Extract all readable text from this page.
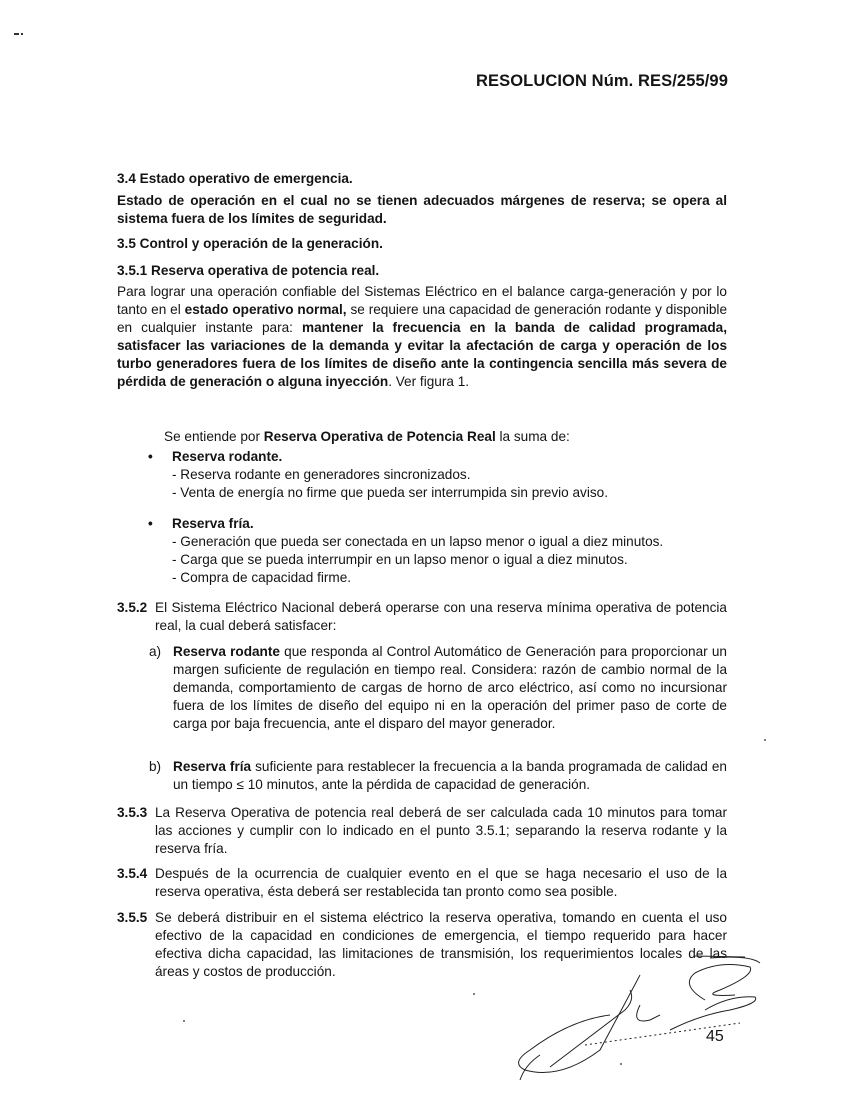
RESOLUCION Núm. RES/255/99
3.4 Estado operativo de emergencia.
Estado de operación en el cual no se tienen adecuados márgenes de reserva; se opera al sistema fuera de los límites de seguridad.
3.5 Control y operación de la generación.
3.5.1 Reserva operativa de potencia real.
Para lograr una operación confiable del Sistemas Eléctrico en el balance carga-generación y por lo tanto en el estado operativo normal, se requiere una capacidad de generación rodante y disponible en cualquier instante para: mantener la frecuencia en la banda de calidad programada, satisfacer las variaciones de la demanda y evitar la afectación de carga y operación de los turbo generadores fuera de los límites de diseño ante la contingencia sencilla más severa de pérdida de generación o alguna inyección. Ver figura 1.
Se entiende por Reserva Operativa de Potencia Real la suma de:
•	Reserva rodante.
- Reserva rodante en generadores sincronizados.
- Venta de energía no firme que pueda ser interrumpida sin previo aviso.
•	Reserva fría.
- Generación que pueda ser conectada en un lapso menor o igual a diez minutos.
- Carga que se pueda interrumpir en un lapso menor o igual a diez minutos.
- Compra de capacidad firme.
3.5.2 El Sistema Eléctrico Nacional deberá operarse con una reserva mínima operativa de potencia real, la cual deberá satisfacer:
a) Reserva rodante que responda al Control Automático de Generación para proporcionar un margen suficiente de regulación en tiempo real. Considera: razón de cambio normal de la demanda, comportamiento de cargas de horno de arco eléctrico, así como no incursionar fuera de los límites de diseño del equipo ni en la operación del primer paso de corte de carga por baja frecuencia, ante el disparo del mayor generador.
b) Reserva fría suficiente para restablecer la frecuencia a la banda programada de calidad en un tiempo ≤ 10 minutos, ante la pérdida de capacidad de generación.
3.5.3 La Reserva Operativa de potencia real deberá de ser calculada cada 10 minutos para tomar las acciones y cumplir con lo indicado en el punto 3.5.1; separando la reserva rodante y la reserva fría.
3.5.4 Después de la ocurrencia de cualquier evento en el que se haga necesario el uso de la reserva operativa, ésta deberá ser restablecida tan pronto como sea posible.
3.5.5 Se deberá distribuir en el sistema eléctrico la reserva operativa, tomando en cuenta el uso efectivo de la capacidad en condiciones de emergencia, el tiempo requerido para hacer efectiva dicha capacidad, las limitaciones de transmisión, los requerimientos locales de las áreas y costos de producción.
45
